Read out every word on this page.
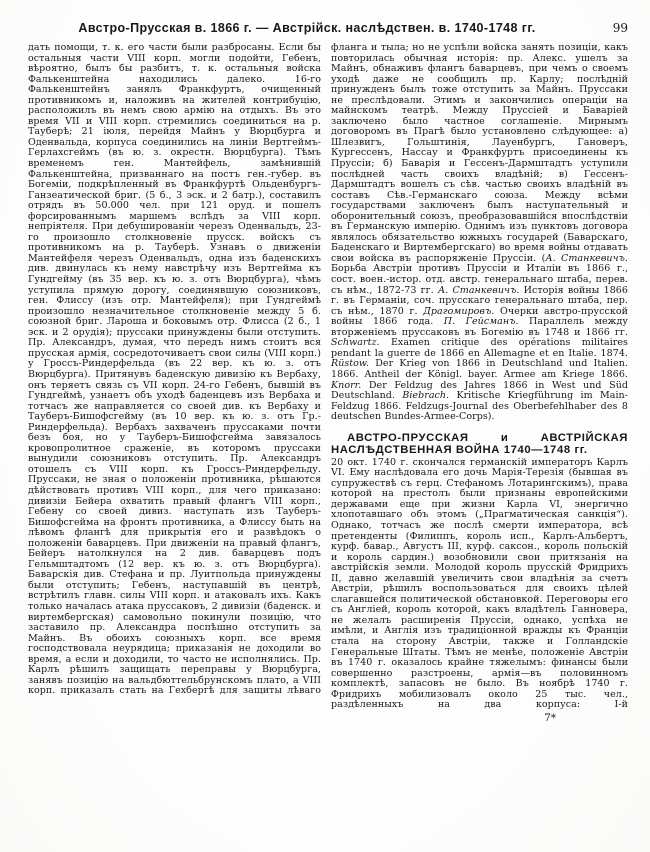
Австро-Прусская в. 1866 г. — Австрійск. наслѣдствен. в. 1740-1748 гг.	99

дать помощи, т. к. его части были разбросаны. Если бы остальныя части VIII корп. могли подойти, Гебенъ, вѣроятно, былъ бы разбитъ, т. к. остальныя войска Фалькенштейна находились далеко. 16-го Фалькенштейнъ занялъ Франкфуртъ, очищенный противникомъ и, наложивъ на жителей контрибуцію, расположилъ въ немъ свою армію на отдыхъ. Въ это время VII и VIII корп. стремились соединиться на р. Тауберѣ; 21 іюля, перейдя Майнъ у Вюрцбурга и Оденвальда, корпуса соединились на линіи Вертгеймъ-Герлахсгеймъ (въ ю. з. окрестн. Вюрцбурга). Тѣмъ временемъ ген. Мантейфель, замѣнившій Фалькенштейна, призваннаго на постъ ген.-губер. въ Богеміи, подкрѣпленный въ Франкфуртѣ Ольденбургъ-Ганзеатической бриг. (5 б., 3 эск. и 2 батр.), составилъ отрядъ въ 50.000 чел. при 121 оруд. и пошелъ форсированнымъ маршемъ вслѣдъ за VIII корп. непріятеля. При дебушированіи черезъ Оденвальдъ, 23-го произошло столкновеніе прусск. войскъ съ противникомъ на р. Тауберѣ. Узнавъ о движеніи Мантейфеля черезъ Оденвальдъ, одна изъ баденскихъ див. двинулась къ нему навстрѣчу изъ Вертгейма къ Гундгейму (въ 35 вер. къ ю. з. отъ Вюрцбурга), чѣмъ уступила прямую дорогу, соединявшую союзниковъ, ген. Флиссу (изъ отр. Мантейфеля); при Гундгеймѣ произошло незначительное столкновеніе между 5 б. союзной бриг. Лароша и боковымъ отр. Флисса (2 б., 1 эск. и 2 орудія); пруссаки принуждены были отступить. Пр. Александръ, думая, что передъ нимъ стоитъ вся прусская армія, сосредоточиваетъ свои силы (VIII корп.) у Гроссъ-Риндерфельда (въ 22 вер. къ ю. з. отъ Вюрцбурга). Притянувъ баденскую дивизію къ Вербаху, онъ теряетъ связь съ VII корп. 24-го Гебенъ, бывшій въ Гундгеймѣ, узнаетъ объ уходѣ баденцевъ изъ Вербаха и тотчасъ же направляется со своей див. къ Вербаху и Тауберъ-Бишофсгейму (въ 10 вер. къ ю. з. отъ Гр.-Риндерфельда). Вербахъ захваченъ пруссаками почти безъ боя, но у Тауберъ-Бишофсгейма завязалось кровопролитное сраженіе, въ которомъ пруссаки вынудили союзниковъ отступить. Пр. Александръ отошелъ съ VIII корп. къ Гроссъ-Риндерфельду. Пруссаки, не зная о положеніи противника, рѣшаются дѣйствовать противъ VIII корп., для чего приказано: дивизіи Бейера охватить правый флангъ VIII корп., Гебену со своей дивиз. наступать изъ Тауберъ-Бишофсгейма на фронтъ противника, а Флиссу быть на лѣвомъ флангѣ для прикрытія его и развѣдокъ о положеніи баварцевъ. При движеніи на правый флангъ, Бейеръ натолкнулся на 2 див. баварцевъ подъ Гельмштадтомъ (12 вер. къ ю. з. отъ Вюрцбурга). Баварскія див. Стефана и пр. Луитпольда принуждены были отступить; Гебенъ, наступавшій въ центрѣ, встрѣтилъ главн. силы VIII корп. и атаковалъ ихъ. Какъ только началась атака пруссаковъ, 2 дивизіи (баденск. и виртембергская) самовольно покинули позицію, что заставило пр. Александра поспѣшно отступить за Майнъ. Въ обоихъ союзныхъ корп. все время господствовала неурядица; приказанія не доходили во время, а если и доходили, то часто не исполнялись. Пр. Карлъ рѣшилъ защищать переправы у Вюрцбурга, занявъ позицію на вальдбюттельбрунскомъ плато, а VIII корп. приказалъ стать на Гехбергѣ для защиты лѣваго

фланга и тыла; но не успѣли войска занять позиціи, какъ повторилась обычная исторія: пр. Алекс. ушелъ за Майнъ, обнаживъ флангъ баварцевъ, при чемъ о своемъ уходѣ даже не сообщилъ пр. Карлу; послѣдній принужденъ былъ тоже отступить за Майнъ. Пруссаки не преслѣдовали. Этимъ и закончились операціи на майнскомъ театрѣ. Между Пруссіей и Баваріей заключено было частное соглашеніе. Мирнымъ договоромъ въ Прагѣ было установлено слѣдующее: а) Шлезвигъ, Гольштинія, Лауенбургъ, Гановеръ, Кургессенъ, Нассау и Франкфуртъ присоединены къ Пруссіи; б) Баварія и Гессенъ-Дармштадтъ уступили послѣдней часть своихъ владѣній; в) Гессенъ-Дармштадтъ вошелъ съ сѣв. частью своихъ владѣній въ составъ Сѣв.-Германскаго союза. Между всѣми государствами заключенъ былъ наступательный и оборонительный союзъ, преобразовавшійся впослѣдствіи въ Германскую имперію. Однимъ изъ пунктовъ договора являлось обязательство южныхъ государей (Баварскаго, Баденскаго и Виртембергскаго) во время войны отдавать свои войска въ распоряженіе Пруссіи. (А. Станкевичъ. Борьба Австріи противъ Пруссіи и Италіи въ 1866 г., сост. воен.-истор. отд. австр. генеральнаго штаба, перев. съ нѣм., 1872-73 гг. А. Станкевичъ. Исторія войны 1866 г. въ Германіи, соч. прусскаго генеральнаго штаба, пер. съ нѣм., 1870 г. Драгомировъ. Очерки австро-прусской войны 1866 года. П. Гейсманъ. Параллель между вторженіемъ пруссаковъ въ Богемію въ 1748 и 1866 гг. Schwartz. Examen critique des opérations militaires pendant la guerre de 1866 en Allemagne et en Italie. 1874. Rüstow. Der Krieg von 1866 in Deutschland und Italien. 1866. Antheil der Königl. bayer. Armee am Kriege 1866. Knorr. Der Feldzug des Jahres 1866 in West und Süd Deutschland. Biebrach. Kritische Kriegführung im Main-Feldzug 1866. Feldzugs-Journal des Oberbefehlhaber des 8 deutschen Bundes-Armee-Corps).

АВСТРО-ПРУССКАЯ и АВСТРІЙСКАЯ НАСЛѢДСТВЕННАЯ ВОЙНА 1740—1748 гг.

20 окт. 1740 г. скончался германскій императоръ Карлъ VI. Ему наслѣдовала его дочь Марія-Терезія (бывшая въ супружествѣ съ герц. Стефаномъ Лотарингскимъ), права которой на престолъ были признаны европейскими державами еще при жизни Карла VI, энергично хлопотавшаго объ этомъ („Прагматическая санкція“). Однако, тотчасъ же послѣ смерти императора, всѣ претенденты (Филиппъ, король исп., Карлъ-Альбертъ, курф. бавар., Августъ III, курф. саксон., король польскій и король сардин.) возобновили свои притязанія на австрійскія земли. Молодой король прусскій Фридрихъ II, давно желавшій увеличить свои владѣнія за счетъ Австріи, рѣшилъ воспользоваться для своихъ цѣлей слагавшейся политической обстановкой. Переговоры его съ Англіей, король которой, какъ владѣтель Ганновера, не желалъ расширенія Пруссіи, однако, успѣха не имѣли, и Англія изъ традиціонной вражды къ Франціи стала на сторону Австріи, также и Голландскіе Генеральные Штаты. Тѣмъ не менѣе, положеніе Австріи въ 1740 г. оказалось крайне тяжелымъ: финансы были совершенно разстроены, армія—въ половинномъ комплектѣ, запасовъ не было. Въ ноябрѣ 1740 г. Фридрихъ мобилизовалъ около 25 тыс. чел., раздѣленныхъ на два корпуса: І-й

7*
